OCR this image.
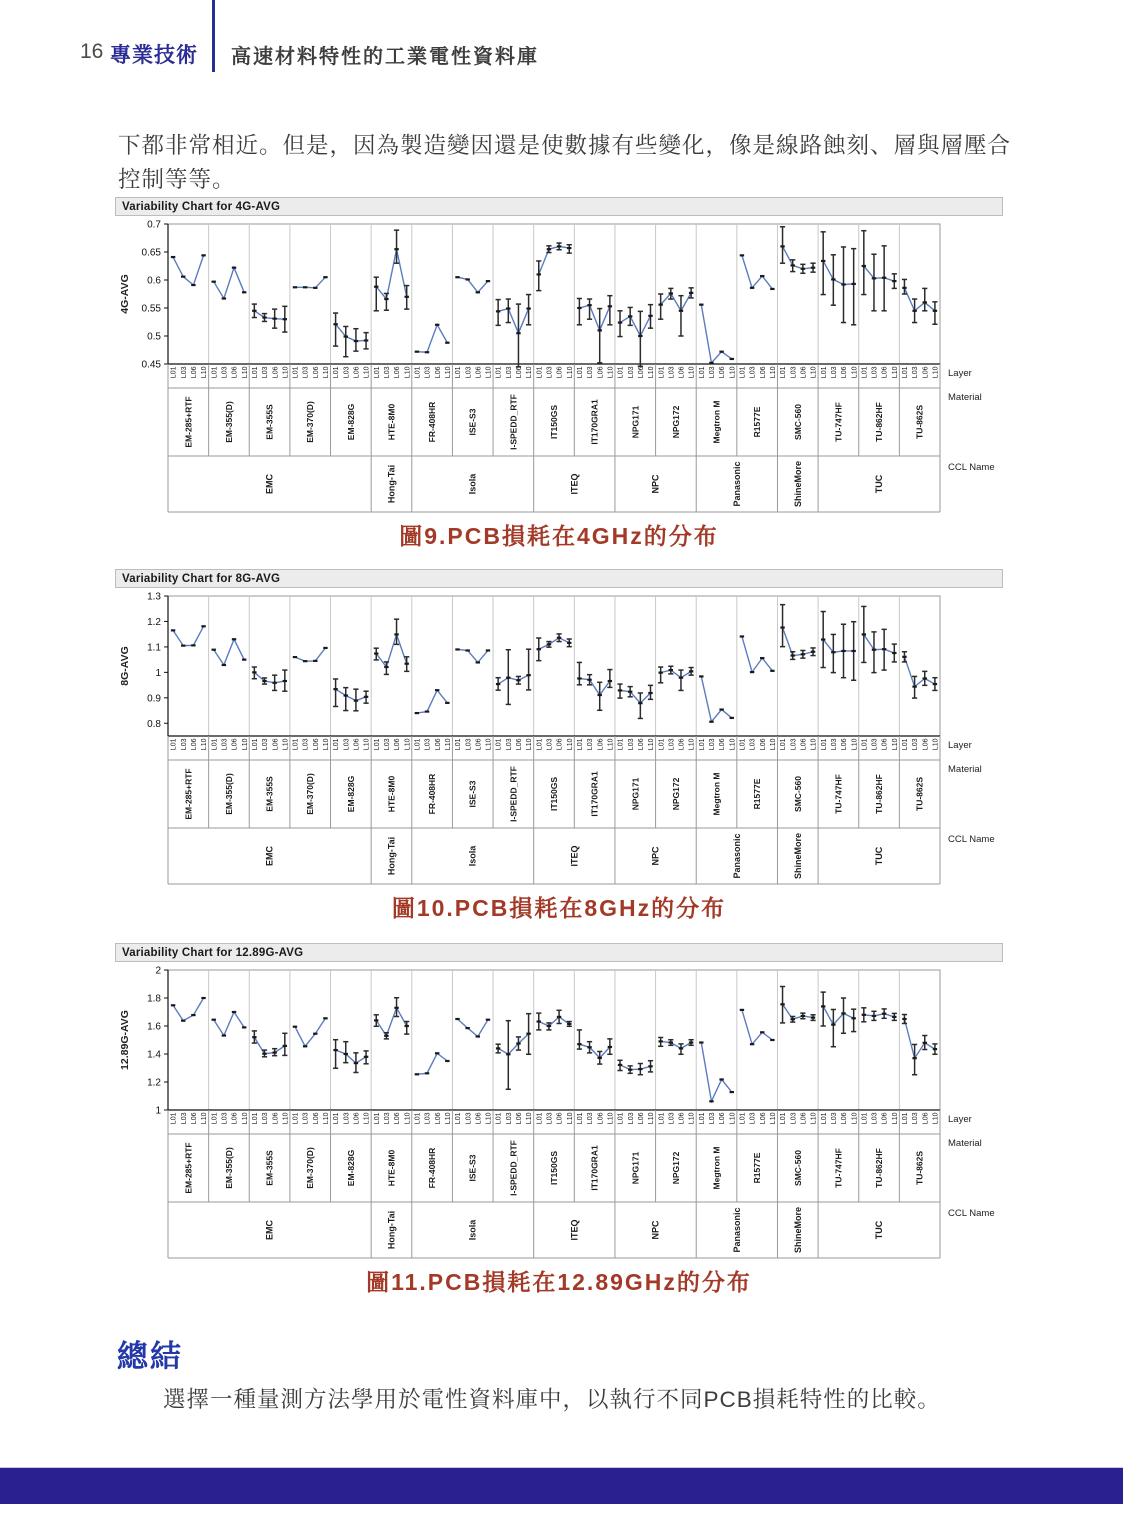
16 專業技術 高速材料特性的工業電性資料庫

下都非常相近。但是，因為製造變因還是使數據有些變化，像是線路蝕刻、層與層壓合控制等等。

Variability Chart for 4G-AVG
0.45
0.5
0.55
0.6
0.65
0.7
4G-AVG
L01 L03 L06 L10
EM-285+RTF
L01 L03 L06 L10
EM-355(D)
L01 L03 L06 L10
EM-355S
L01 L03 L06 L10
EM-370(D)
L01 L03 L06 L10
EM-828G
L01 L03 L06 L10
HTE-8M0
L01 L03 L06 L10
FR-408HR
L01 L03 L06 L10
ISE-S3
L01 L03 L06 L10
I-SPEDD_RTF
L01 L03 L06 L10
IT150GS
L01 L03 L06 L10
IT170GRA1
L01 L03 L06 L10
NPG171
L01 L03 L06 L10
NPG172
L01 L03 L06 L10
Megtron M
L01 L03 L06 L10
R1577E
L01 L03 L06 L10
SMC-560
L01 L03 L06 L10
TU-747HF
L01 L03 L06 L10
TU-862HF
L01 L03 L06 L10
TU-862S
EMC	Hong-Tai	Isola	ITEQ	NPC	Panasonic	ShineMore	TUC
Layer
Material
CCL Name
圖9.PCB損耗在4GHz的分布
Variability Chart for 8G-AVG
0.8
0.9
1
1.1
1.2
1.3
8G-AVG
L01 L03 L06 L10
EM-285+RTF
L01 L03 L06 L10
EM-355(D)
L01 L03 L06 L10
EM-355S
L01 L03 L06 L10
EM-370(D)
L01 L03 L06 L10
EM-828G
L01 L03 L06 L10
HTE-8M0
L01 L03 L06 L10
FR-408HR
L01 L03 L06 L10
ISE-S3
L01 L03 L06 L10
I-SPEDD_RTF
L01 L03 L06 L10
IT150GS
L01 L03 L06 L10
IT170GRA1
L01 L03 L06 L10
NPG171
L01 L03 L06 L10
NPG172
L01 L03 L06 L10
Megtron M
L01 L03 L06 L10
R1577E
L01 L03 L06 L10
SMC-560
L01 L03 L06 L10
TU-747HF
L01 L03 L06 L10
TU-862HF
L01 L03 L06 L10
TU-862S
EMC	Hong-Tai	Isola	ITEQ	NPC	Panasonic	ShineMore	TUC
Layer
Material
CCL Name
圖10.PCB損耗在8GHz的分布
Variability Chart for 12.89G-AVG
1
1.2
1.4
1.6
1.8
2
12.89G-AVG
L01 L03 L06 L10
EM-285+RTF
L01 L03 L06 L10
EM-355(D)
L01 L03 L06 L10
EM-355S
L01 L03 L06 L10
EM-370(D)
L01 L03 L06 L10
EM-828G
L01 L03 L06 L10
HTE-8M0
L01 L03 L06 L10
FR-408HR
L01 L03 L06 L10
ISE-S3
L01 L03 L06 L10
I-SPEDD_RTF
L01 L03 L06 L10
IT150GS
L01 L03 L06 L10
IT170GRA1
L01 L03 L06 L10
NPG171
L01 L03 L06 L10
NPG172
L01 L03 L06 L10
Megtron M
L01 L03 L06 L10
R1577E
L01 L03 L06 L10
SMC-560
L01 L03 L06 L10
TU-747HF
L01 L03 L06 L10
TU-862HF
L01 L03 L06 L10
TU-862S
EMC	Hong-Tai	Isola	ITEQ	NPC	Panasonic	ShineMore	TUC
Layer
Material
CCL Name
圖11.PCB損耗在12.89GHz的分布
總結

選擇一種量測方法學用於電性資料庫中，以執行不同PCB損耗特性的比較。
